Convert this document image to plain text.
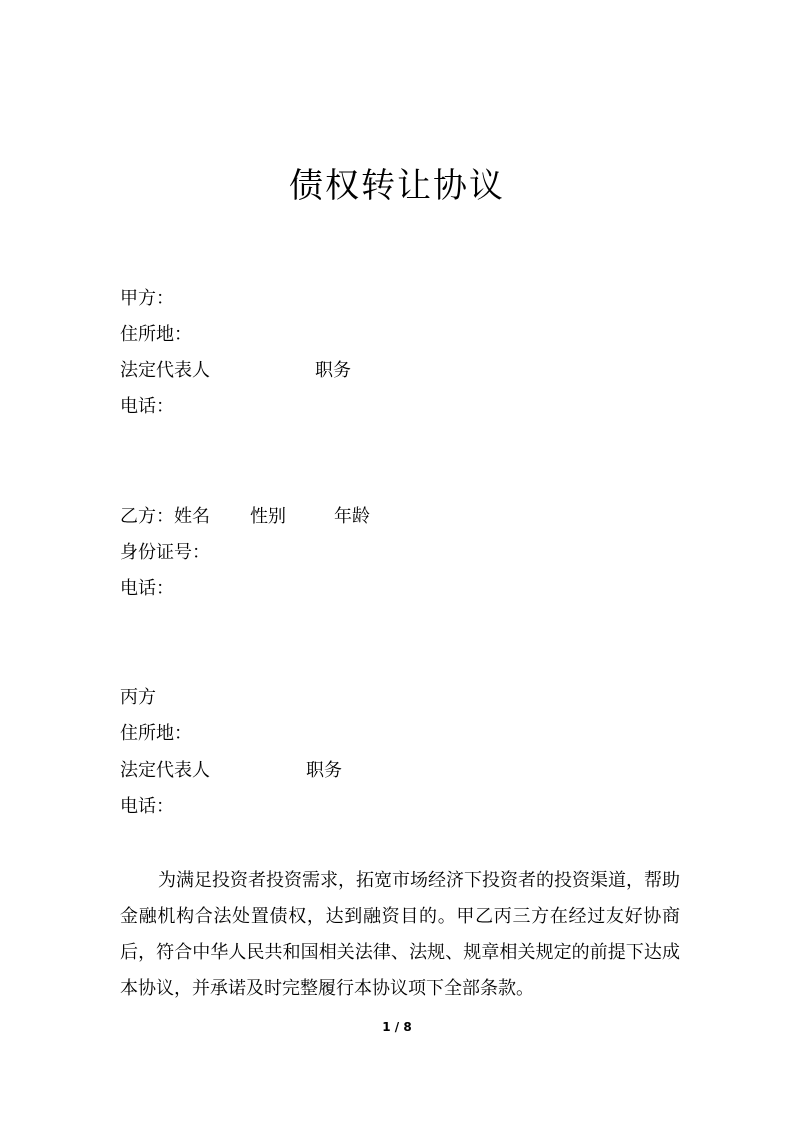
债权转让协议
甲方：
住所地：
法定代表人	职务
电话：
乙方：姓名 性别	年龄
身份证号：
电话：
丙方
住所地：
法定代表人	职务
电话：
为满足投资者投资需求，拓宽市场经济下投资者的投资渠道，帮助金融机构合法处置债权，达到融资目的。甲乙丙三方在经过友好协商后，符合中华人民共和国相关法律、法规、规章相关规定的前提下达成本协议，并承诺及时完整履行本协议项下全部条款。
1 / 8
